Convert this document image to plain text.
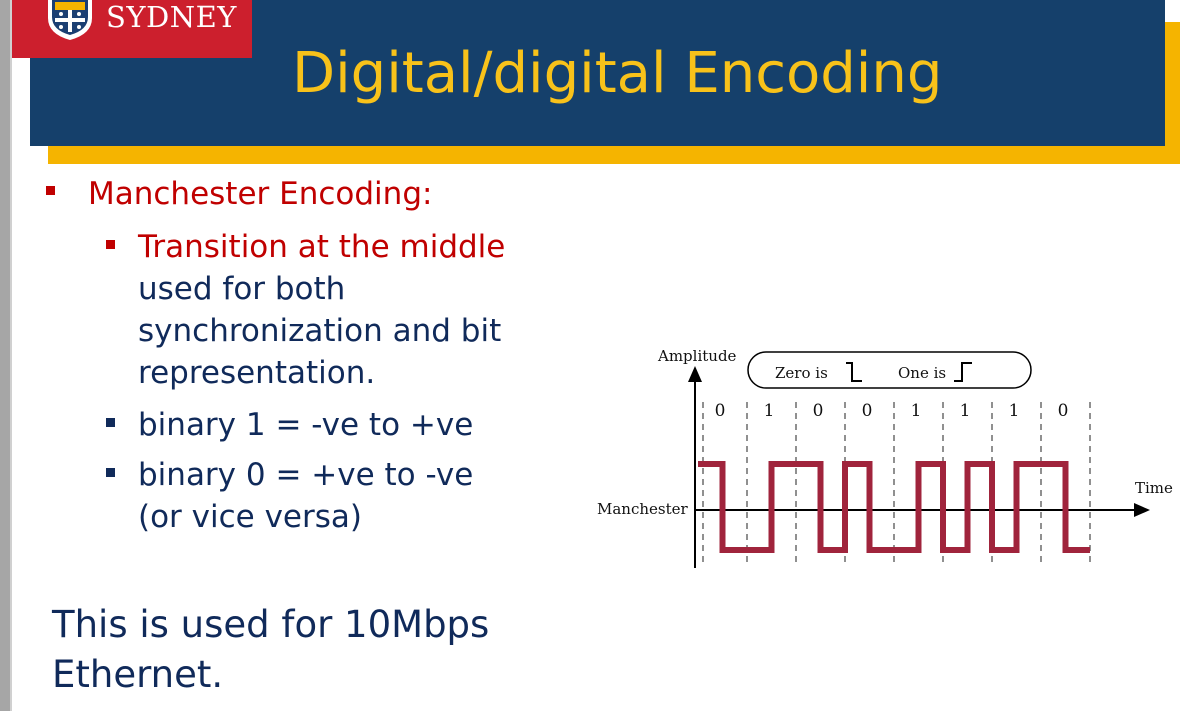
Digital/digital Encoding
SYDNEY
Manchester Encoding:
Transition at the middle
used for both
synchronization and bit
representation.
binary 1 = -ve to +ve
binary 0 = +ve to -ve
(or vice versa)
This is used for 10Mbps
Ethernet.
Amplitude
Time
Manchester
Zero is	One is
0 1 0 0 1 1 1 0
